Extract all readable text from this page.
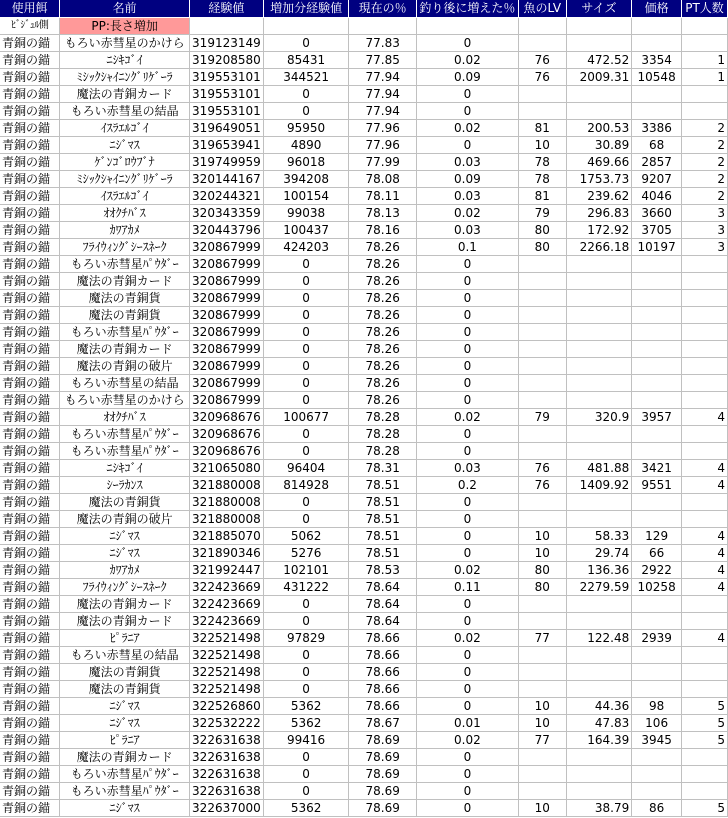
使用餌	名前	経験値	増加分経験値	現在の％	釣り後に増えた％	魚のLV	サイズ	価格	PT人数
ﾋﾞｼﾞｭﾙ側	PP:長さ増加								
青銅の錨	もろい赤彗星のかけら	319123149	0	77.83	0				
青銅の錨	ﾆｼｷｺﾞｲ	319208580	85431	77.85	0.02	76	472.52	3354	1
青銅の錨	ﾐｼｯｸｼｬｲﾆﾝｸﾞﾘｹﾞｰﾗ	319553101	344521	77.94	0.09	76	2009.31	10548	1
青銅の錨	魔法の青銅カード	319553101	0	77.94	0				
青銅の錨	もろい赤彗星の結晶	319553101	0	77.94	0				
青銅の錨	ｲｽﾗｴﾙｺﾞｲ	319649051	95950	77.96	0.02	81	200.53	3386	2
青銅の錨	ﾆｼﾞﾏｽ	319653941	4890	77.96	0	10	30.89	68	2
青銅の錨	ｹﾞﾝｺﾞﾛｳﾌﾞﾅ	319749959	96018	77.99	0.03	78	469.66	2857	2
青銅の錨	ﾐｼｯｸｼｬｲﾆﾝｸﾞﾘｹﾞｰﾗ	320144167	394208	78.08	0.09	78	1753.73	9207	2
青銅の錨	ｲｽﾗｴﾙｺﾞｲ	320244321	100154	78.11	0.03	81	239.62	4046	2
青銅の錨	ｵｵｸﾁﾊﾞｽ	320343359	99038	78.13	0.02	79	296.83	3660	3
青銅の錨	ｶﾜｱｶﾒ	320443796	100437	78.16	0.03	80	172.92	3705	3
青銅の錨	ﾌﾗｲｳｨﾝｸﾞｼｰｽﾈｰｸ	320867999	424203	78.26	0.1	80	2266.18	10197	3
青銅の錨	もろい赤彗星ﾊﾟｳﾀﾞｰ	320867999	0	78.26	0				
青銅の錨	魔法の青銅カード	320867999	0	78.26	0				
青銅の錨	魔法の青銅貨	320867999	0	78.26	0				
青銅の錨	魔法の青銅貨	320867999	0	78.26	0				
青銅の錨	もろい赤彗星ﾊﾟｳﾀﾞｰ	320867999	0	78.26	0				
青銅の錨	魔法の青銅カード	320867999	0	78.26	0				
青銅の錨	魔法の青銅の破片	320867999	0	78.26	0				
青銅の錨	もろい赤彗星の結晶	320867999	0	78.26	0				
青銅の錨	もろい赤彗星のかけら	320867999	0	78.26	0				
青銅の錨	ｵｵｸﾁﾊﾞｽ	320968676	100677	78.28	0.02	79	320.9	3957	4
青銅の錨	もろい赤彗星ﾊﾟｳﾀﾞｰ	320968676	0	78.28	0				
青銅の錨	もろい赤彗星ﾊﾟｳﾀﾞｰ	320968676	0	78.28	0				
青銅の錨	ﾆｼｷｺﾞｲ	321065080	96404	78.31	0.03	76	481.88	3421	4
青銅の錨	ｼｰﾗｶﾝｽ	321880008	814928	78.51	0.2	76	1409.92	9551	4
青銅の錨	魔法の青銅貨	321880008	0	78.51	0				
青銅の錨	魔法の青銅の破片	321880008	0	78.51	0				
青銅の錨	ﾆｼﾞﾏｽ	321885070	5062	78.51	0	10	58.33	129	4
青銅の錨	ﾆｼﾞﾏｽ	321890346	5276	78.51	0	10	29.74	66	4
青銅の錨	ｶﾜｱｶﾒ	321992447	102101	78.53	0.02	80	136.36	2922	4
青銅の錨	ﾌﾗｲｳｨﾝｸﾞｼｰｽﾈｰｸ	322423669	431222	78.64	0.11	80	2279.59	10258	4
青銅の錨	魔法の青銅カード	322423669	0	78.64	0				
青銅の錨	魔法の青銅カード	322423669	0	78.64	0				
青銅の錨	ﾋﾟﾗﾆｱ	322521498	97829	78.66	0.02	77	122.48	2939	4
青銅の錨	もろい赤彗星の結晶	322521498	0	78.66	0				
青銅の錨	魔法の青銅貨	322521498	0	78.66	0				
青銅の錨	魔法の青銅貨	322521498	0	78.66	0				
青銅の錨	ﾆｼﾞﾏｽ	322526860	5362	78.66	0	10	44.36	98	5
青銅の錨	ﾆｼﾞﾏｽ	322532222	5362	78.67	0.01	10	47.83	106	5
青銅の錨	ﾋﾟﾗﾆｱ	322631638	99416	78.69	0.02	77	164.39	3945	5
青銅の錨	魔法の青銅カード	322631638	0	78.69	0				
青銅の錨	もろい赤彗星ﾊﾟｳﾀﾞｰ	322631638	0	78.69	0				
青銅の錨	もろい赤彗星ﾊﾟｳﾀﾞｰ	322631638	0	78.69	0				
青銅の錨	ﾆｼﾞﾏｽ	322637000	5362	78.69	0	10	38.79	86	5
